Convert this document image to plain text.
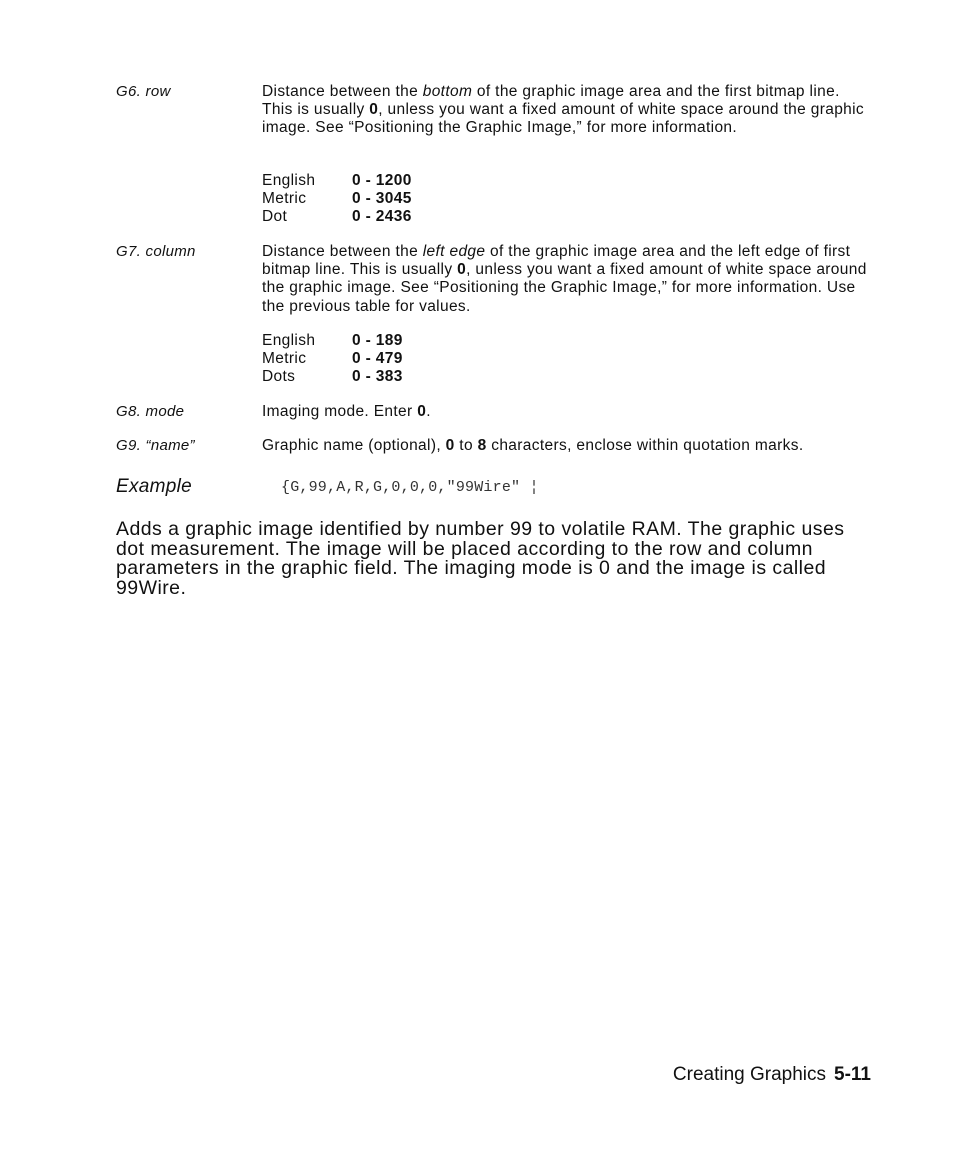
G6. row	Distance between the bottom of the graphic image area and the first bitmap line. This is usually 0, unless you want a fixed amount of white space around the graphic image. See “Positioning the Graphic Image,” for more information.
English	0 - 1200
Metric	0 - 3045
Dot	0 - 2436
G7. column	Distance between the left edge of the graphic image area and the left edge of first bitmap line. This is usually 0, unless you want a fixed amount of white space around the graphic image. See “Positioning the Graphic Image,” for more information. Use the previous table for values.
English	0 - 189
Metric	0 - 479
Dots	0 - 383
G8. mode	Imaging mode. Enter 0.
G9. “name”	Graphic name (optional), 0 to 8 characters, enclose within quotation marks.
Example	{G,99,A,R,G,0,0,0,"99Wire" ¦
Adds a graphic image identified by number 99 to volatile RAM. The graphic uses dot measurement. The image will be placed according to the row and column parameters in the graphic field. The imaging mode is 0 and the image is called 99Wire.
Creating Graphics 5-11
